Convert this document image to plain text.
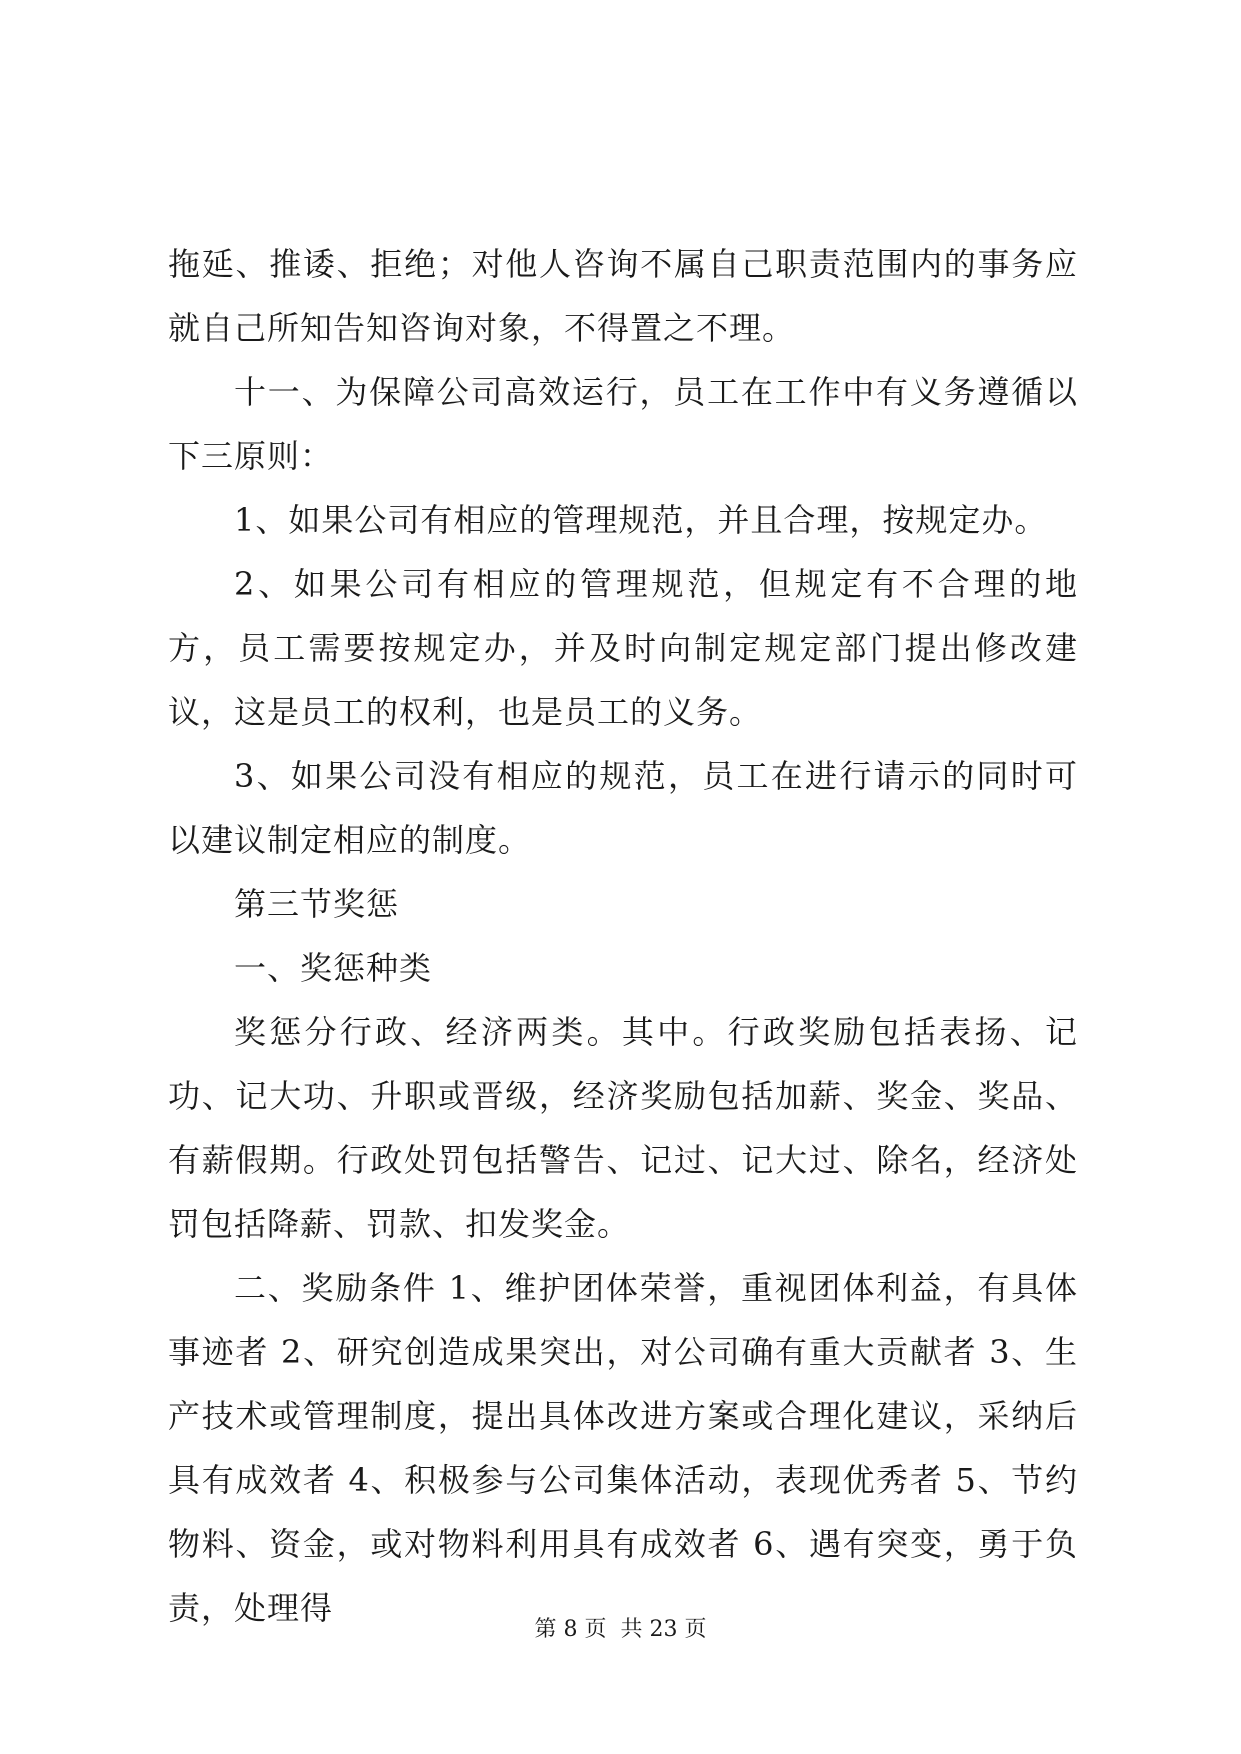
拖延、推诿、拒绝；对他人咨询不属自己职责范围内的事务应就自己所知告知咨询对象，不得置之不理。

十一、为保障公司高效运行，员工在工作中有义务遵循以下三原则：

1、如果公司有相应的管理规范，并且合理，按规定办。

2、如果公司有相应的管理规范，但规定有不合理的地方，员工需要按规定办，并及时向制定规定部门提出修改建议，这是员工的权利，也是员工的义务。

3、如果公司没有相应的规范，员工在进行请示的同时可以建议制定相应的制度。

第三节奖惩

一、奖惩种类

奖惩分行政、经济两类。其中。行政奖励包括表扬、记功、记大功、升职或晋级，经济奖励包括加薪、奖金、奖品、有薪假期。行政处罚包括警告、记过、记大过、除名，经济处罚包括降薪、罚款、扣发奖金。

二、奖励条件 1、维护团体荣誉，重视团体利益，有具体事迹者 2、研究创造成果突出，对公司确有重大贡献者 3、生产技术或管理制度，提出具体改进方案或合理化建议，采纳后具有成效者 4、积极参与公司集体活动，表现优秀者 5、节约物料、资金，或对物料利用具有成效者 6、遇有突变，勇于负责，处理得

第 8 页 共 23 页
